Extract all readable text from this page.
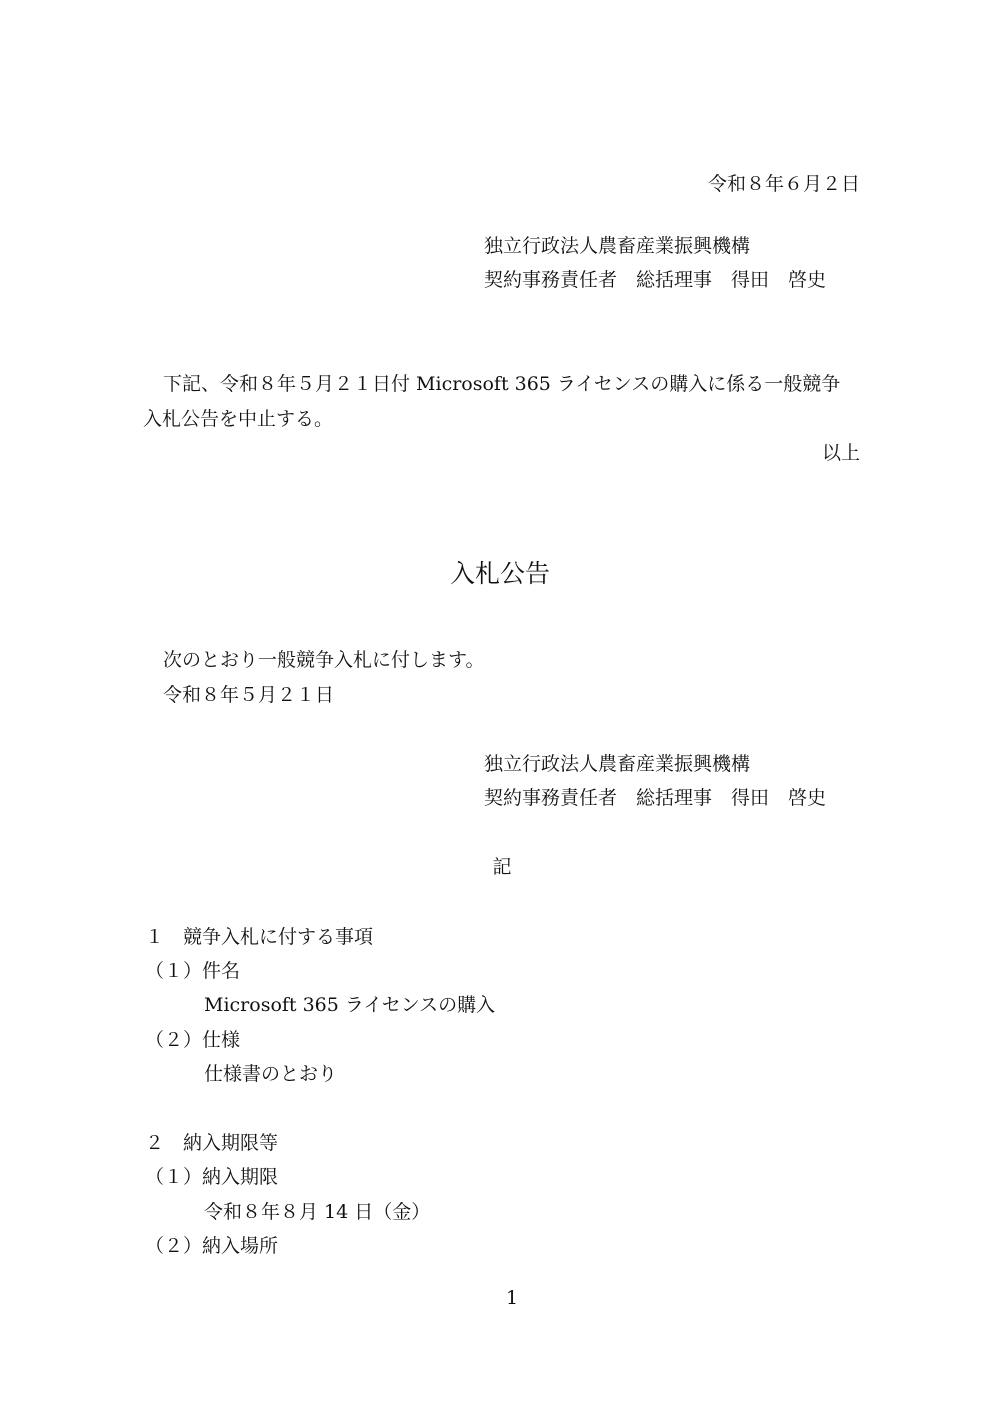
令和８年６月２日
独立行政法人農畜産業振興機構
契約事務責任者　総括理事　得田　啓史
下記、令和８年５月２１日付 Microsoft 365 ライセンスの購入に係る一般競争
入札公告を中止する。
以上
入札公告
次のとおり一般競争入札に付します。
令和８年５月２１日
独立行政法人農畜産業振興機構
契約事務責任者　総括理事　得田　啓史
記
１　競争入札に付する事項
（１）件名
Microsoft 365 ライセンスの購入
（２）仕様
仕様書のとおり
２　納入期限等
（１）納入期限
令和８年８月 14 日（金）
（２）納入場所
1
